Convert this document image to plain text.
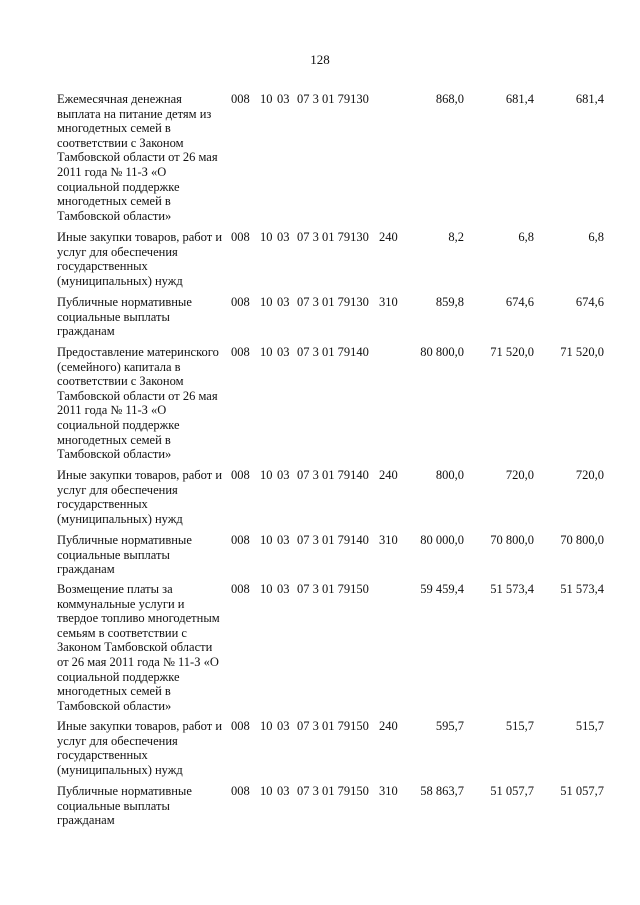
128
Ежемесячная денежная
выплата на питание детям из
многодетных семей в
соответствии с Законом
Тамбовской области от 26 мая
2011 года № 11-З «О
социальной поддержке
многодетных семей в
Тамбовской области»
008 10 03 07 3 01 79130	868,0	681,4	681,4
Иные закупки товаров, работ и
услуг для обеспечения
государственных
(муниципальных) нужд
008 10 03 07 3 01 79130 240	8,2	6,8	6,8
Публичные нормативные
социальные выплаты
гражданам
008 10 03 07 3 01 79130 310	859,8	674,6	674,6
Предоставление материнского
(семейного) капитала в
соответствии с Законом
Тамбовской области от 26 мая
2011 года № 11-З «О
социальной поддержке
многодетных семей в
Тамбовской области»
008 10 03 07 3 01 79140	80 800,0	71 520,0	71 520,0
Иные закупки товаров, работ и
услуг для обеспечения
государственных
(муниципальных) нужд
008 10 03 07 3 01 79140 240	800,0	720,0	720,0
Публичные нормативные
социальные выплаты
гражданам
008 10 03 07 3 01 79140 310	80 000,0	70 800,0	70 800,0
Возмещение платы за
коммунальные услуги и
твердое топливо многодетным
семьям в соответствии с
Законом Тамбовской области
от 26 мая 2011 года № 11-З «О
социальной поддержке
многодетных семей в
Тамбовской области»
008 10 03 07 3 01 79150	59 459,4	51 573,4	51 573,4
Иные закупки товаров, работ и
услуг для обеспечения
государственных
(муниципальных) нужд
008 10 03 07 3 01 79150 240	595,7	515,7	515,7
Публичные нормативные
социальные выплаты
гражданам
008 10 03 07 3 01 79150 310	58 863,7	51 057,7	51 057,7
